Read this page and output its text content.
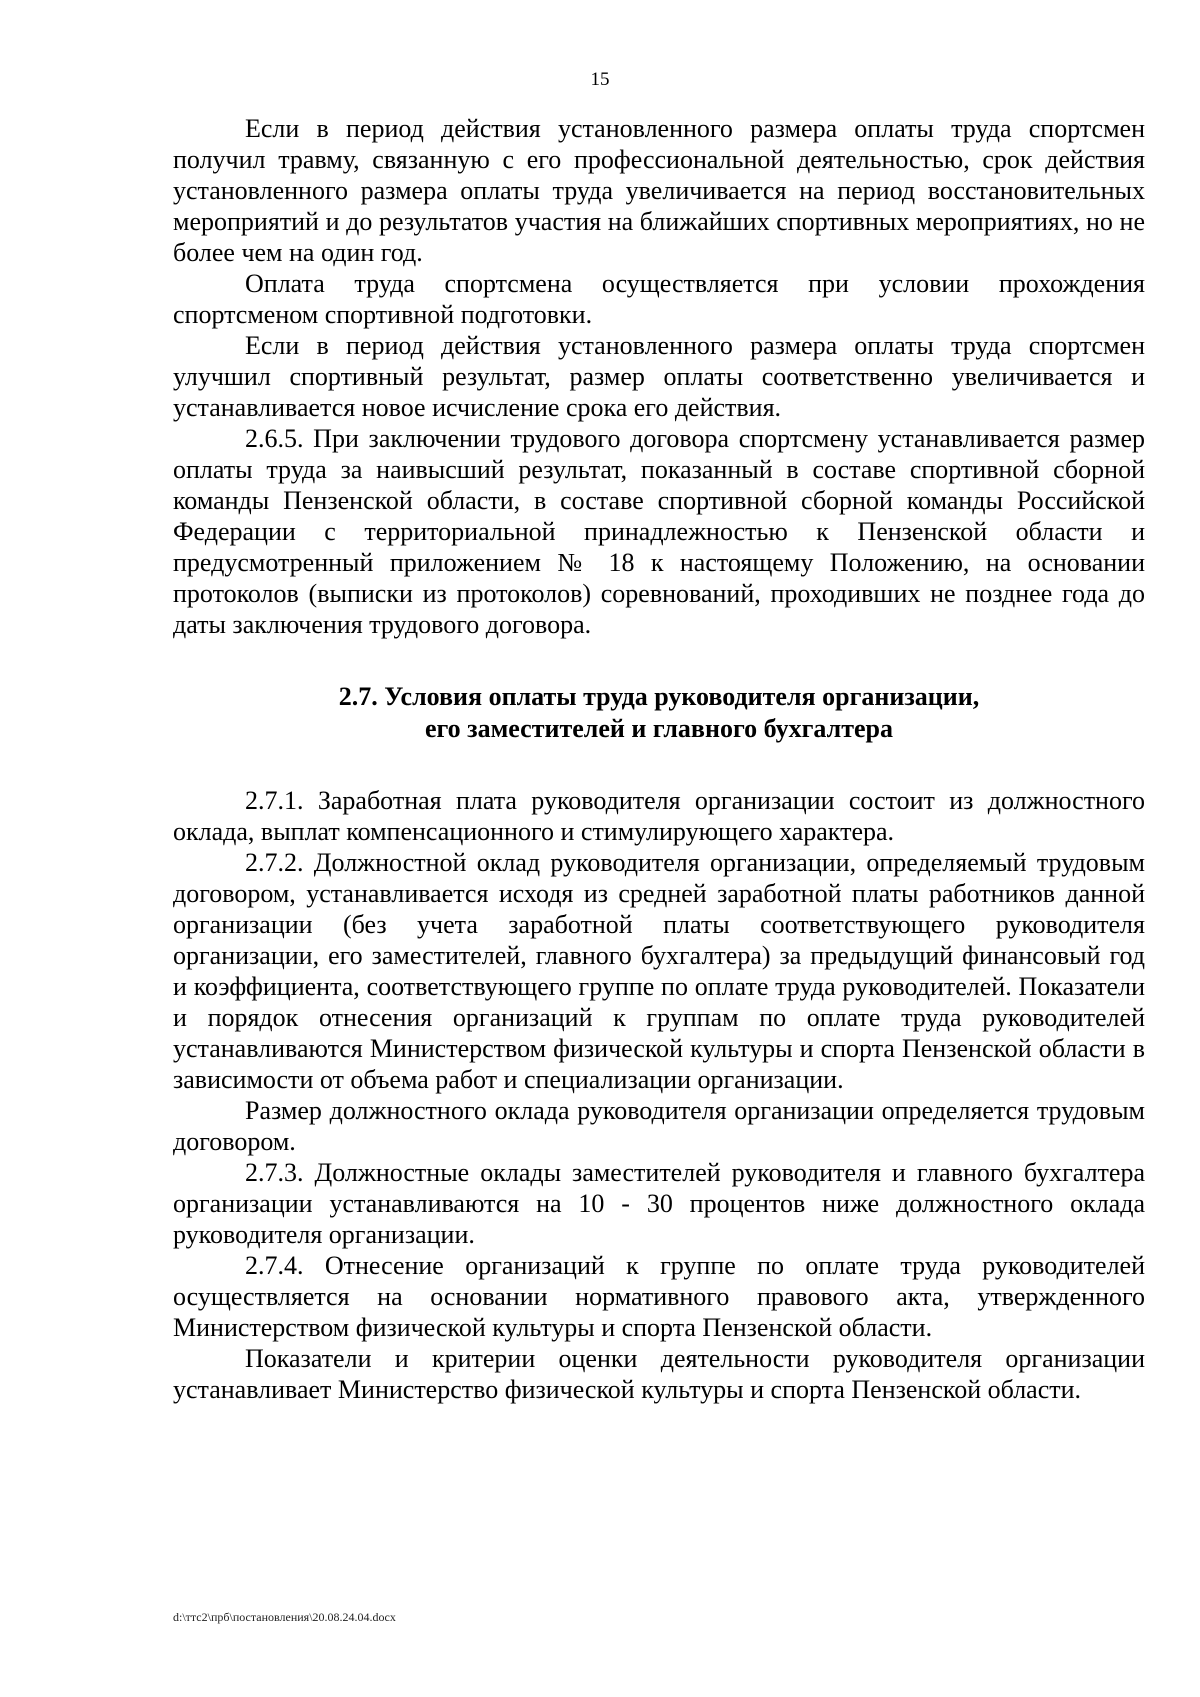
15

Если в период действия установленного размера оплаты труда спортсмен получил травму, связанную с его профессиональной деятельностью, срок действия установленного размера оплаты труда увеличивается на период восстановительных мероприятий и до результатов участия на ближайших спортивных мероприятиях, но не более чем на один год.

Оплата труда спортсмена осуществляется при условии прохождения спортсменом спортивной подготовки.

Если в период действия установленного размера оплаты труда спортсмен улучшил спортивный результат, размер оплаты соответственно увеличивается и устанавливается новое исчисление срока его действия.

2.6.5. При заключении трудового договора спортсмену устанавливается размер оплаты труда за наивысший результат, показанный в составе спортивной сборной команды Пензенской области, в составе спортивной сборной команды Российской Федерации с территориальной принадлежностью к Пензенской области и предусмотренный приложением № 18 к настоящему Положению, на основании протоколов (выписки из протоколов) соревнований, проходивших не позднее года до даты заключения трудового договора.

2.7. Условия оплаты труда руководителя организации,

его заместителей и главного бухгалтера

2.7.1. Заработная плата руководителя организации состоит из должностного оклада, выплат компенсационного и стимулирующего характера.

2.7.2. Должностной оклад руководителя организации, определяемый трудовым договором, устанавливается исходя из средней заработной платы работников данной организации (без учета заработной платы соответствующего руководителя организации, его заместителей, главного бухгалтера) за предыдущий финансовый год и коэффициента, соответствующего группе по оплате труда руководителей. Показатели и порядок отнесения организаций к группам по оплате труда руководителей устанавливаются Министерством физической культуры и спорта Пензенской области в зависимости от объема работ и специализации организации.

Размер должностного оклада руководителя организации определяется трудовым договором.

2.7.3. Должностные оклады заместителей руководителя и главного бухгалтера организации устанавливаются на 10 - 30 процентов ниже должностного оклада руководителя организации.

2.7.4. Отнесение организаций к группе по оплате труда руководителей осуществляется на основании нормативного правового акта, утвержденного Министерством физической культуры и спорта Пензенской области.

Показатели и критерии оценки деятельности руководителя организации устанавливает Министерство физической культуры и спорта Пензенской области.

d:\ттс2\прб\постановления\20.08.24.04.docx
